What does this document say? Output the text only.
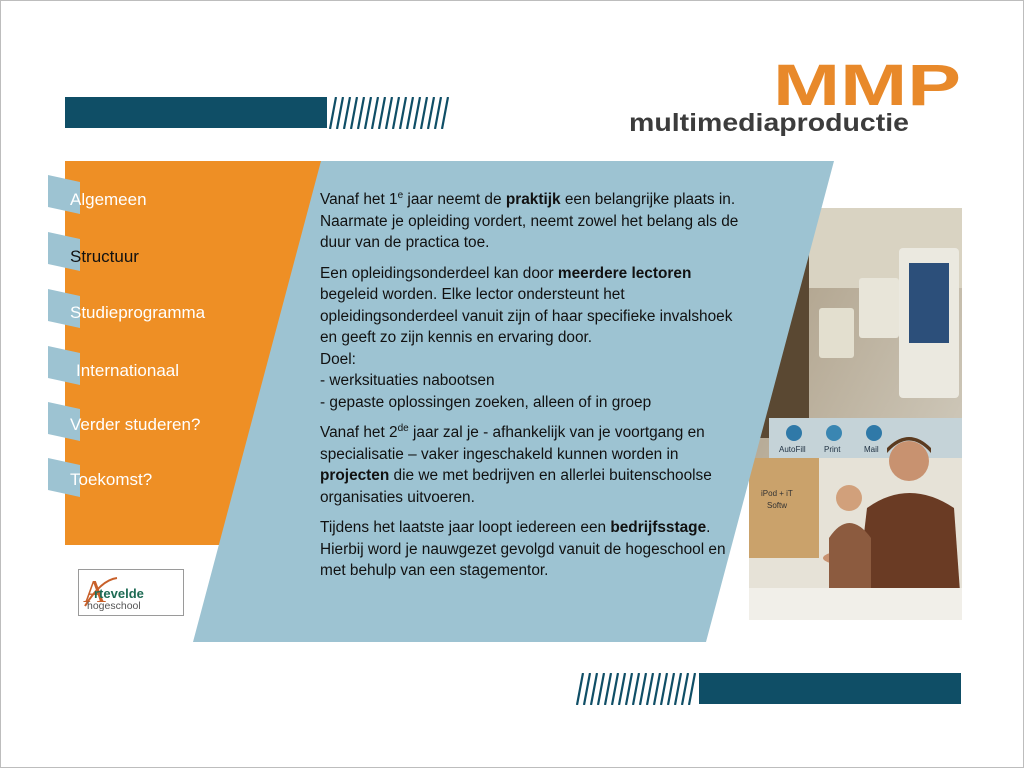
MMP
multimediaproductie
AutoFill Print	Mail
iPod + iT
Softw
Algemeen
Structuur
Studieprogramma
Internationaal
Verder studeren?
Toekomst?

Vanaf het 1e jaar neemt de praktijk een belangrijke plaats in. Naarmate je opleiding vordert, neemt zowel het belang als de duur van de practica toe.

Een opleidingsonderdeel kan door meerdere lectoren begeleid worden. Elke lector ondersteunt het opleidingsonderdeel vanuit zijn of haar specifieke invalshoek en geeft zo zijn kennis en ervaring door.

Doel:
- werksituaties nabootsen
- gepaste oplossingen zoeken, alleen of in groep

Vanaf het 2de jaar zal je - afhankelijk van je voortgang en specialisatie – vaker ingeschakeld kunnen worden in projecten die we met bedrijven en allerlei buitenschoolse organisaties uitvoeren.

Tijdens het laatste jaar loopt iedereen een bedrijfsstage. Hierbij word je nauwgezet gevolgd vanuit de hogeschool en met behulp van een stagementor.

A
rtevelde
hogeschool
